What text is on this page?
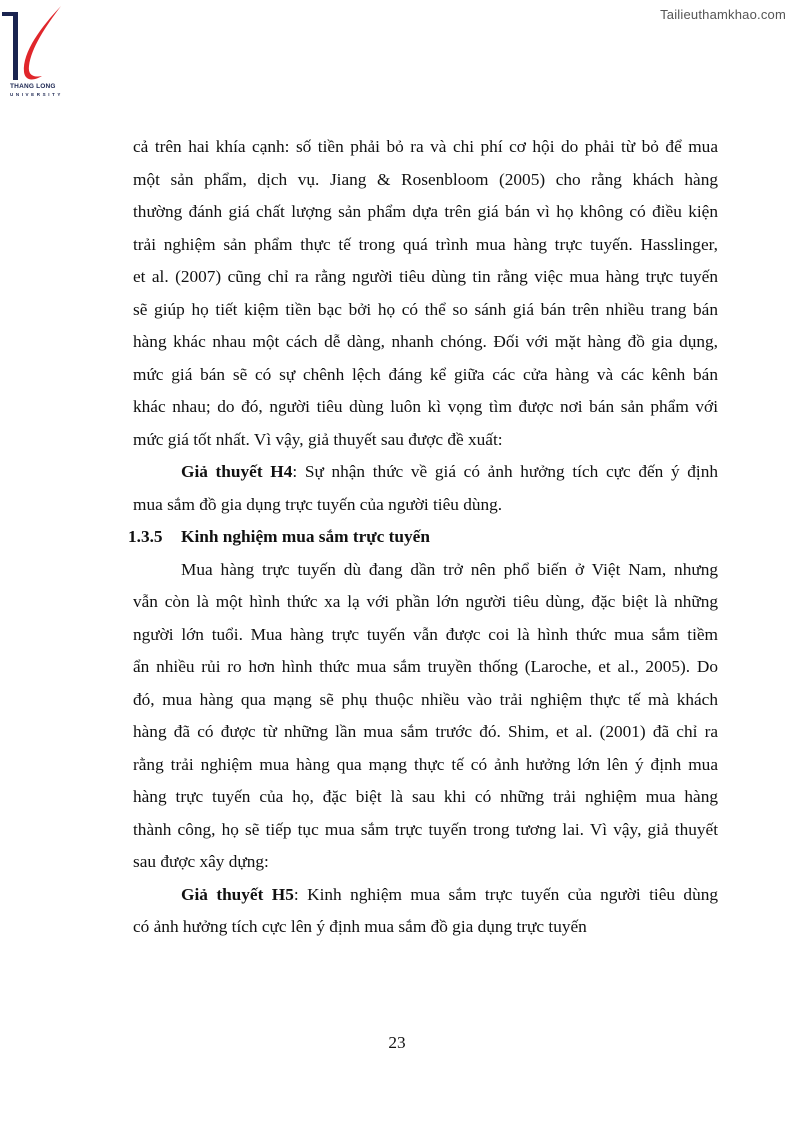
THANG LONG
UNIVERSITY
Tailieuthamkhao.com
cả trên hai khía cạnh: số tiền phải bỏ ra và chi phí cơ hội do phải từ bỏ để mua
một sản phẩm, dịch vụ. Jiang & Rosenbloom (2005) cho rằng khách hàng
thường đánh giá chất lượng sản phẩm dựa trên giá bán vì họ không có điều kiện
trải nghiệm sản phẩm thực tế trong quá trình mua hàng trực tuyến. Hasslinger,
et al. (2007) cũng chỉ ra rằng người tiêu dùng tin rằng việc mua hàng trực tuyến
sẽ giúp họ tiết kiệm tiền bạc bởi họ có thể so sánh giá bán trên nhiều trang bán
hàng khác nhau một cách dễ dàng, nhanh chóng. Đối với mặt hàng đồ gia dụng,
mức giá bán sẽ có sự chênh lệch đáng kể giữa các cửa hàng và các kênh bán
khác nhau; do đó, người tiêu dùng luôn kì vọng tìm được nơi bán sản phẩm với
mức giá tốt nhất. Vì vậy, giả thuyết sau được đề xuất:
Giả thuyết H4: Sự nhận thức về giá có ảnh hưởng tích cực đến ý định
mua sắm đồ gia dụng trực tuyến của người tiêu dùng.
1.3.5 Kinh nghiệm mua sắm trực tuyến
Mua hàng trực tuyến dù đang dần trở nên phổ biến ở Việt Nam, nhưng
vẫn còn là một hình thức xa lạ với phần lớn người tiêu dùng, đặc biệt là những
người lớn tuổi. Mua hàng trực tuyến vẫn được coi là hình thức mua sắm tiềm
ẩn nhiều rủi ro hơn hình thức mua sắm truyền thống (Laroche, et al., 2005). Do
đó, mua hàng qua mạng sẽ phụ thuộc nhiều vào trải nghiệm thực tế mà khách
hàng đã có được từ những lần mua sắm trước đó. Shim, et al. (2001) đã chỉ ra
rằng trải nghiệm mua hàng qua mạng thực tế có ảnh hưởng lớn lên ý định mua
hàng trực tuyến của họ, đặc biệt là sau khi có những trải nghiệm mua hàng
thành công, họ sẽ tiếp tục mua sắm trực tuyến trong tương lai. Vì vậy, giả thuyết
sau được xây dựng:
Giả thuyết H5: Kinh nghiệm mua sắm trực tuyến của người tiêu dùng
có ảnh hưởng tích cực lên ý định mua sắm đồ gia dụng trực tuyến
23
